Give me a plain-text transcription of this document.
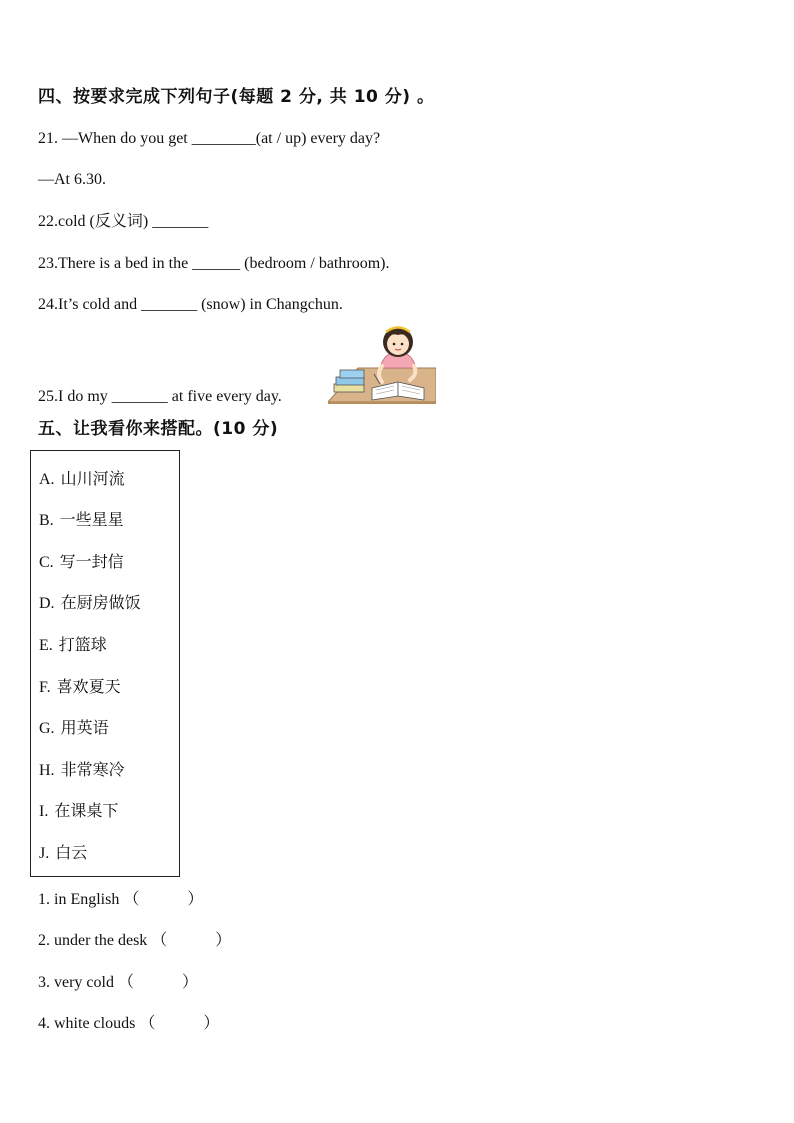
四、按要求完成下列句子(每题 2 分, 共 10 分) 。
21. —When do you get ________(at / up) every day?
—At 6.30.
22.cold (反义词) _______
23.There is a bed in the ______ (bedroom / bathroom).
24.It’s cold and _______ (snow) in Changchun.
25.I do my _______ at five every day.
五、让我看你来搭配。(10 分)
A. 山川河流
B. 一些星星
C. 写一封信
D. 在厨房做饭
E. 打篮球
F. 喜欢夏天
G. 用英语
H. 非常寒冷
I. 在课桌下
J. 白云
1. in English （　　　）
2. under the desk （　　　）
3. very cold （　　　）
4. white clouds （　　　）
